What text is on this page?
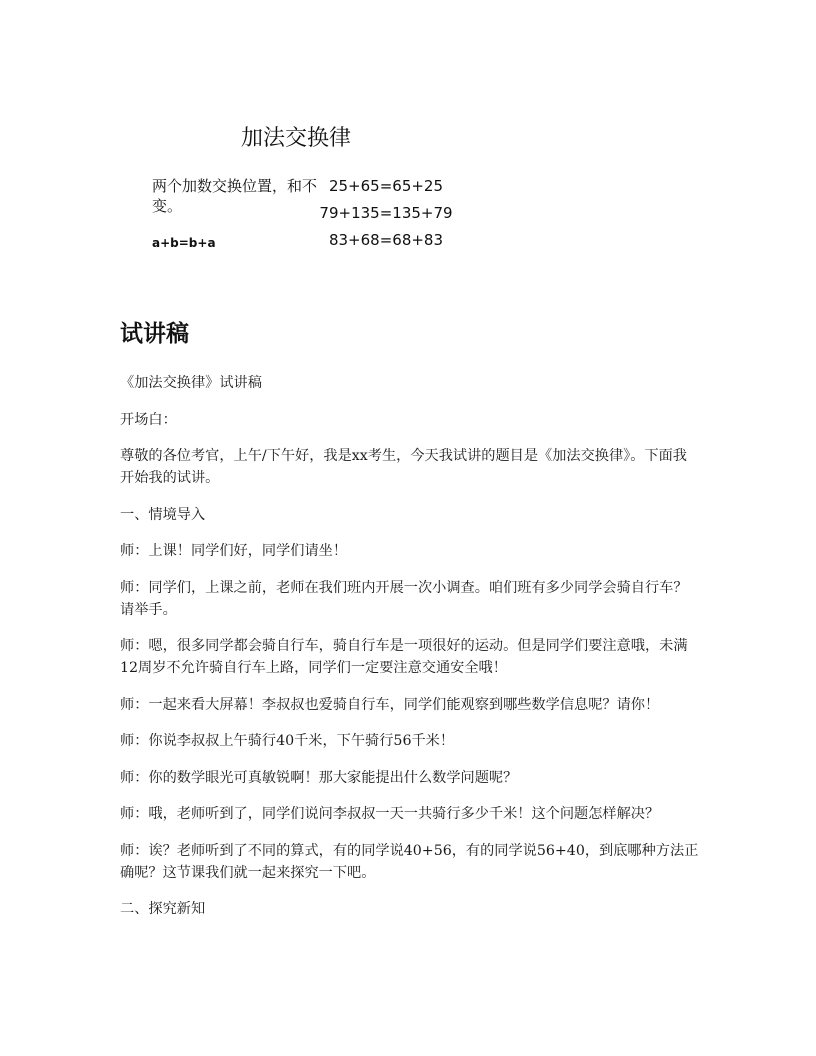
加法交换律
两个加数交换位置，和不变。
a+b=b+a
25+65=65+25
79+135=135+79
83+68=68+83
试讲稿

《加法交换律》试讲稿

开场白：

尊敬的各位考官，上午/下午好，我是xx考生，今天我试讲的题目是《加法交换律》。下面我开始我的试讲。

一、情境导入

师：上课！同学们好，同学们请坐！

师：同学们，上课之前，老师在我们班内开展一次小调查。咱们班有多少同学会骑自行车？请举手。

师：嗯，很多同学都会骑自行车，骑自行车是一项很好的运动。但是同学们要注意哦，未满12周岁不允许骑自行车上路，同学们一定要注意交通安全哦！

师：一起来看大屏幕！李叔叔也爱骑自行车，同学们能观察到哪些数学信息呢？请你！

师：你说李叔叔上午骑行40千米，下午骑行56千米！

师：你的数学眼光可真敏锐啊！那大家能提出什么数学问题呢？

师：哦，老师听到了，同学们说问李叔叔一天一共骑行多少千米！这个问题怎样解决？

师：诶？老师听到了不同的算式，有的同学说40+56，有的同学说56+40，到底哪种方法正确呢？这节课我们就一起来探究一下吧。

二、探究新知
